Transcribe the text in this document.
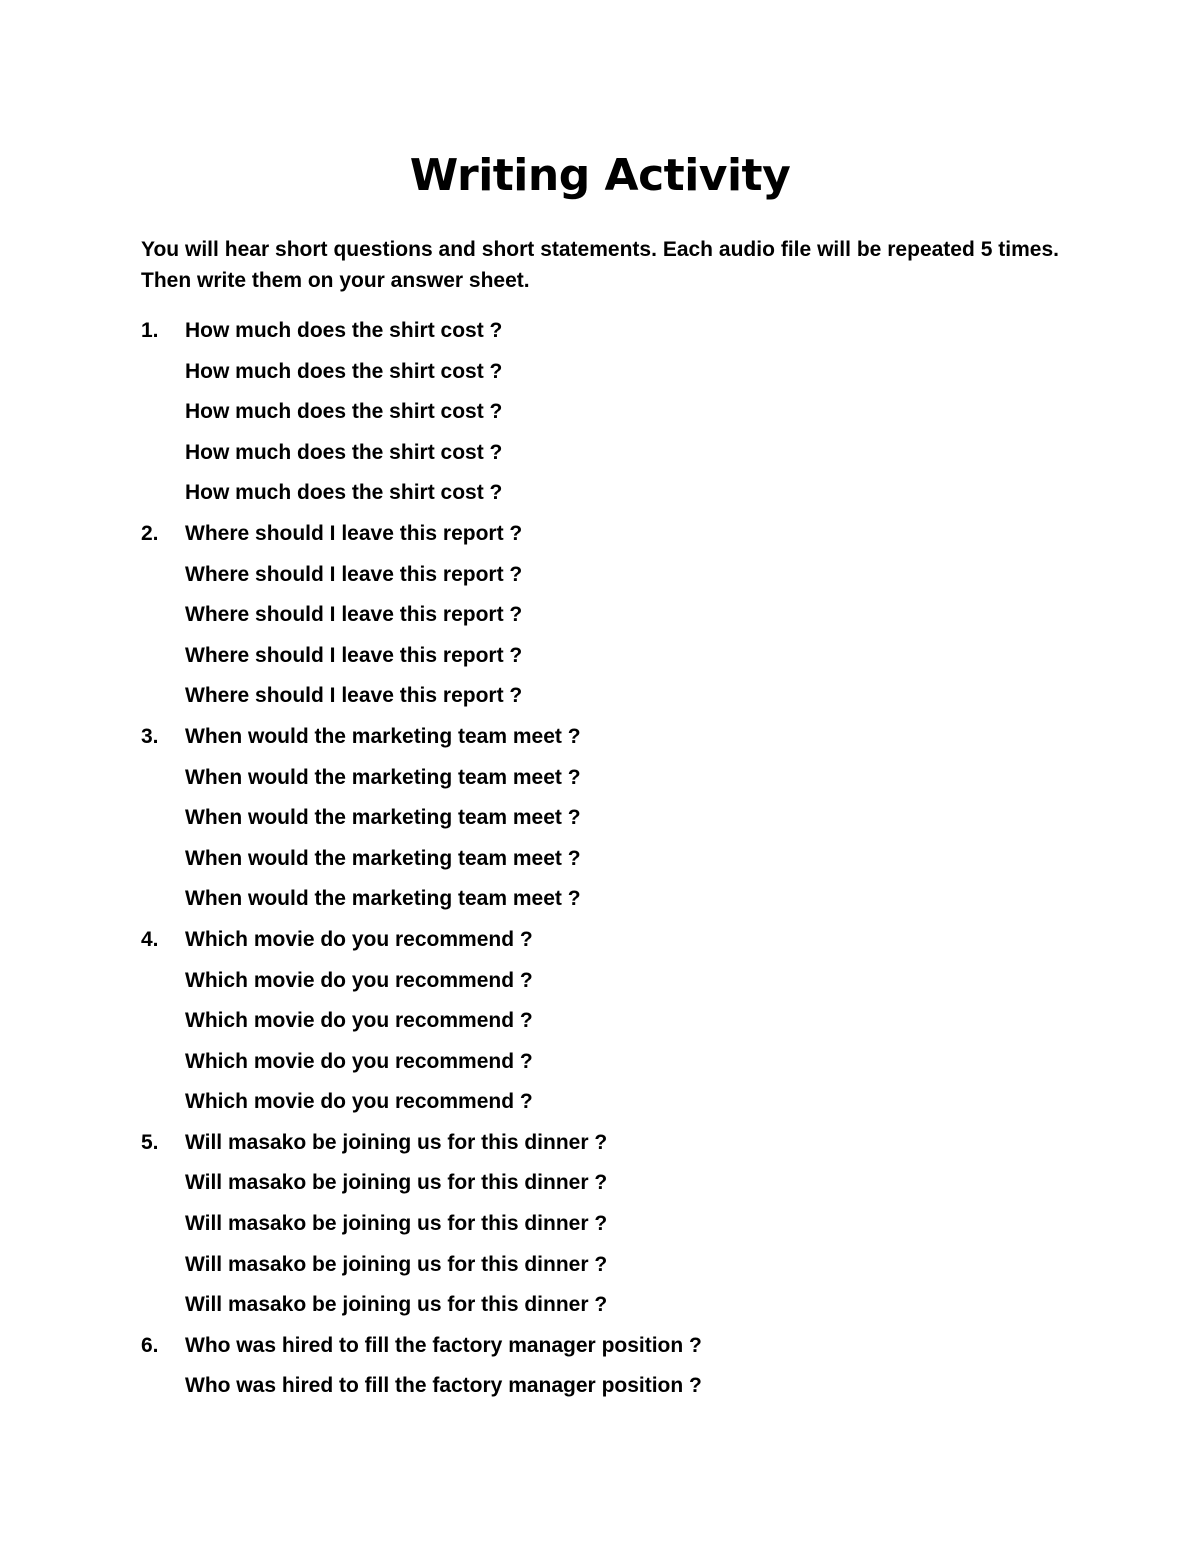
Writing Activity
You will hear short questions and short statements. Each audio file will be repeated 5 times. Then write them on your answer sheet.
1. How much does the shirt cost ?
How much does the shirt cost ?
How much does the shirt cost ?
How much does the shirt cost ?
How much does the shirt cost ?
2. Where should I leave this report ?
Where should I leave this report ?
Where should I leave this report ?
Where should I leave this report ?
Where should I leave this report ?
3. When would the marketing team meet ?
When would the marketing team meet ?
When would the marketing team meet ?
When would the marketing team meet ?
When would the marketing team meet ?
4. Which movie do you recommend ?
Which movie do you recommend ?
Which movie do you recommend ?
Which movie do you recommend ?
Which movie do you recommend ?
5. Will masako be joining us for this dinner ?
Will masako be joining us for this dinner ?
Will masako be joining us for this dinner ?
Will masako be joining us for this dinner ?
Will masako be joining us for this dinner ?
6. Who was hired to fill the factory manager position ?
Who was hired to fill the factory manager position ?
